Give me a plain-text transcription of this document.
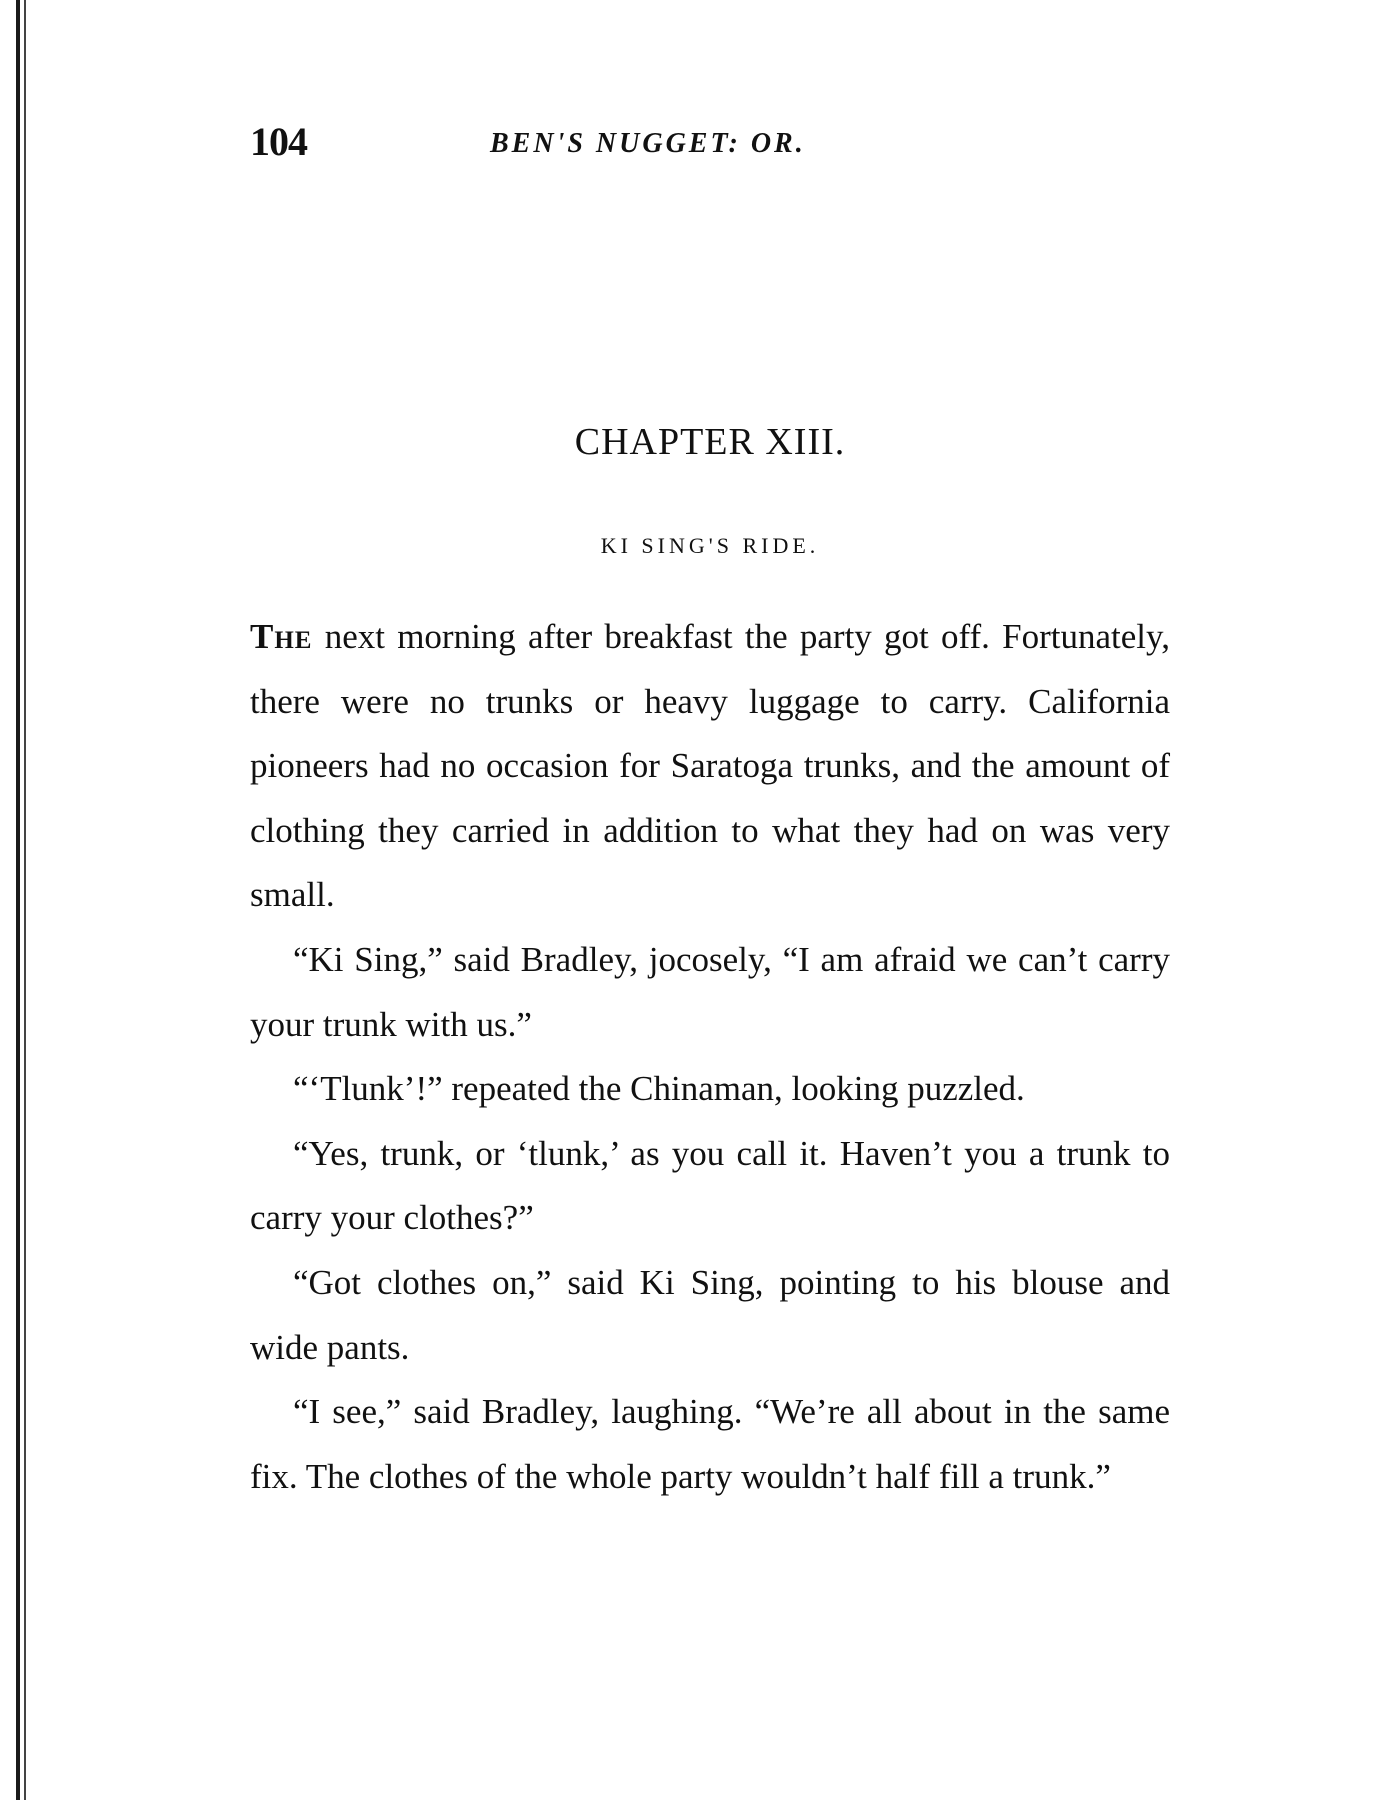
104	BEN'S NUGGET: OR.
CHAPTER XIII.
KI SING'S RIDE.

The next morning after breakfast the party got off. Fortunately, there were no trunks or heavy luggage to carry. California pioneers had no occasion for Saratoga trunks, and the amount of clothing they carried in addition to what they had on was very small.

“Ki Sing,” said Bradley, jocosely, “I am afraid we can’t carry your trunk with us.”

“‘Tlunk’!” repeated the Chinaman, looking puzzled.

“Yes, trunk, or ‘tlunk,’ as you call it. Haven’t you a trunk to carry your clothes?”

“Got clothes on,” said Ki Sing, pointing to his blouse and wide pants.

“I see,” said Bradley, laughing. “We’re all about in the same fix. The clothes of the whole party wouldn’t half fill a trunk.”
